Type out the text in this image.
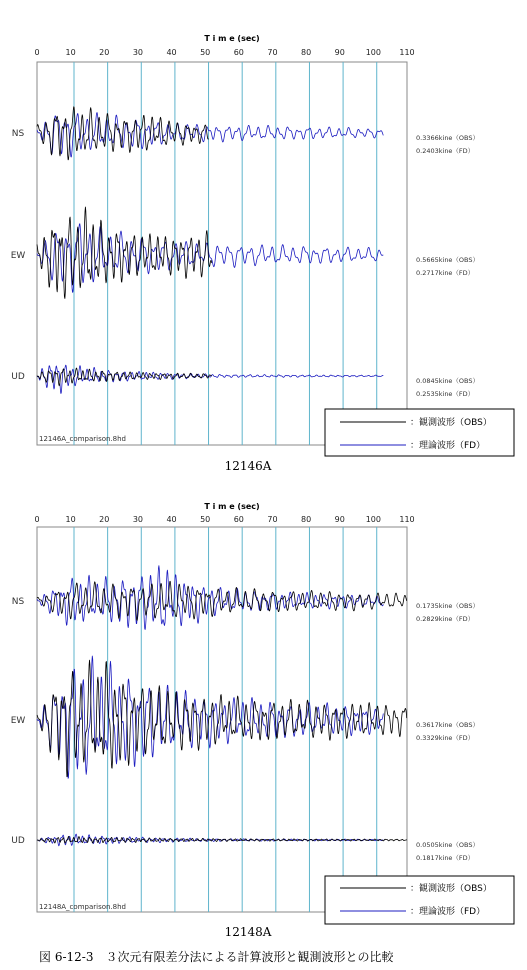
T i m e (sec)
0	10	20	30	40	50	60	70	80	90	100 110
NS	0.3366kine（OBS）
0.2403kine（FD）
EW	0.5665kine（OBS）
0.2717kine（FD）
UD	0.0845kine（OBS）
0.2535kine（FD）
12146A_comparison.8hd
：観測波形（OBS）
：理論波形（FD）
12146A
T i m e (sec)
0	10	20	30	40	50	60	70	80	90	100 110
NS	0.1735kine（OBS）
0.2829kine（FD）
EW	0.3617kine（OBS）
0.3329kine（FD）
UD	0.0505kine（OBS）
0.1817kine（FD）
12148A_comparison.8hd
：観測波形（OBS）
：理論波形（FD）
12148A
図 6-12-3　３次元有限差分法による計算波形と観測波形との比較
